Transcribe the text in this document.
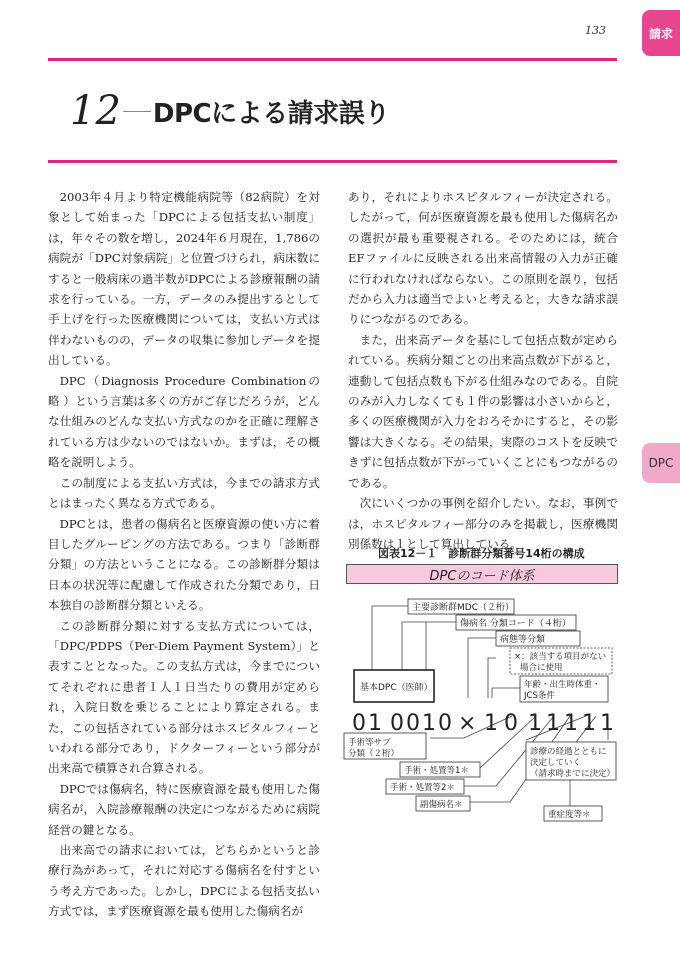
133	請求
DPC
12 DPCによる請求誤り

2003年４月より特定機能病院等（82病院）を対象として始まった「DPCによる包括支払い制度」は，年々その数を増し，2024年６月現在，1,786の病院が「DPC対象病院」と位置づけられ，病床数にすると一般病床の過半数がDPCによる診療報酬の請求を行っている。一方，データのみ提出するとして手上げを行った医療機関については，支払い方式は伴わないものの，データの収集に参加しデータを提出している。

DPC（Diagnosis Procedure Combinationの 略 ）という言葉は多くの方がご存じだろうが，どんな仕組みのどんな支払い方式なのかを正確に理解されている方は少ないのではないか。まずは，その概略を説明しよう。

この制度による支払い方式は，今までの請求方式とはまったく異なる方式である。

DPCとは，患者の傷病名と医療資源の使い方に着目したグルーピングの方法である。つまり「診断群分類」の方法ということになる。この診断群分類は日本の状況等に配慮して作成された分類であり，日本独自の診断群分類といえる。

この診断群分類に対する支払方式については，「DPC/PDPS（Per-Diem Payment System）」と表すこととなった。この支払方式は，今までについてそれぞれに患者１人１日当たりの費用が定められ，入院日数を乗じることにより算定される。また，この包括されている部分はホスピタルフィーといわれる部分であり，ドクターフィーという部分が出来高で積算され合算される。

DPCでは傷病名，特に医療資源を最も使用した傷病名が，入院診療報酬の決定につながるために病院経営の鍵となる。

出来高での請求においては，どちらかというと診療行為があって，それに対応する傷病名を付すという考え方であった。しかし，DPCによる包括支払い方式では，まず医療資源を最も使用した傷病名が

あり，それによりホスピタルフィーが決定される。したがって，何が医療資源を最も使用した傷病名かの選択が最も重要視される。そのためには，統合EFファイルに反映される出来高情報の入力が正確に行われなければならない。この原則を誤り，包括だから入力は適当でよいと考えると，大きな請求誤りにつながるのである。

また，出来高データを基にして包括点数が定められている。疾病分類ごとの出来高点数が下がると，連動して包括点数も下がる仕組みなのである。自院のみが入力しなくても１件の影響は小さいからと，多くの医療機関が入力をおろそかにすると，その影響は大きくなる。その結果，実際のコストを反映できずに包括点数が下がっていくことにもつながるのである。

次にいくつかの事例を紹介したい。なお，事例では，ホスピタルフィー部分のみを掲載し，医療機関別係数は１として算出している。

図表12－１　診断群分類番号14桁の構成
DPCのコード体系
主要診断群MDC（２桁）
傷病名 分類コード（４桁）
病態等分類
×：該当する項目がない
場合に使用
年齢・出生時体重・
JCS条件
基本DPC（医師）
0 1 0 0 1 0 × 1 0 1 1 1 1 1
手術等サブ
分類（２桁）
手術・処置等1＊
手術・処置等2＊
副傷病名＊
診療の経過とともに
決定していく
（請求時までに決定）
重症度等＊
